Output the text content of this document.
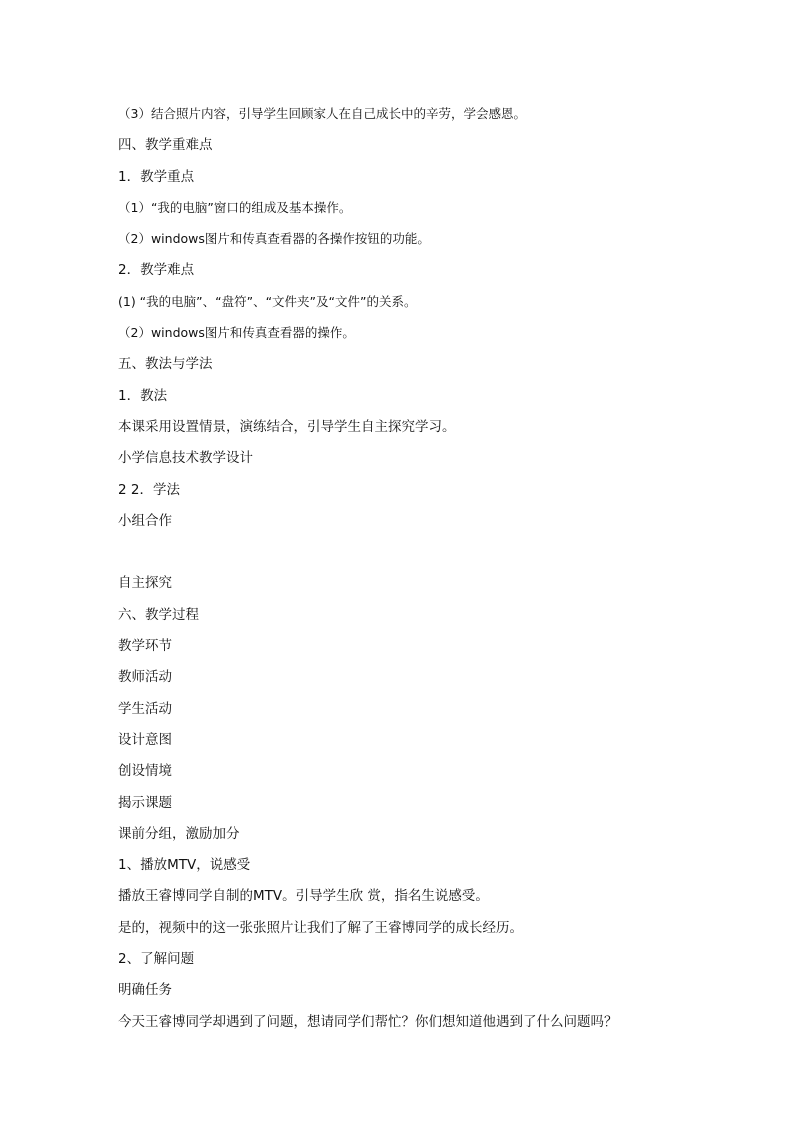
（3）结合照片内容，引导学生回顾家人在自己成长中的辛劳，学会感恩。
四、教学重难点
1．教学重点
（1）“我的电脑”窗口的组成及基本操作。
（2）windows图片和传真查看器的各操作按钮的功能。
2．教学难点
(1) “我的电脑”、“盘符”、“文件夹”及“文件”的关系。
（2）windows图片和传真查看器的操作。
五、教法与学法
1．教法
本课采用设置情景，演练结合，引导学生自主探究学习。
小学信息技术教学设计
2 2．学法
小组合作
自主探究
六、教学过程
教学环节
教师活动
学生活动
设计意图
创设情境
揭示课题
课前分组，激励加分
1、播放MTV，说感受
播放王睿博同学自制的MTV。引导学生欣 赏，指名生说感受。
是的，视频中的这一张张照片让我们了解了王睿博同学的成长经历。
2、了解问题
明确任务
今天王睿博同学却遇到了问题，想请同学们帮忙？你们想知道他遇到了什么问题吗？
